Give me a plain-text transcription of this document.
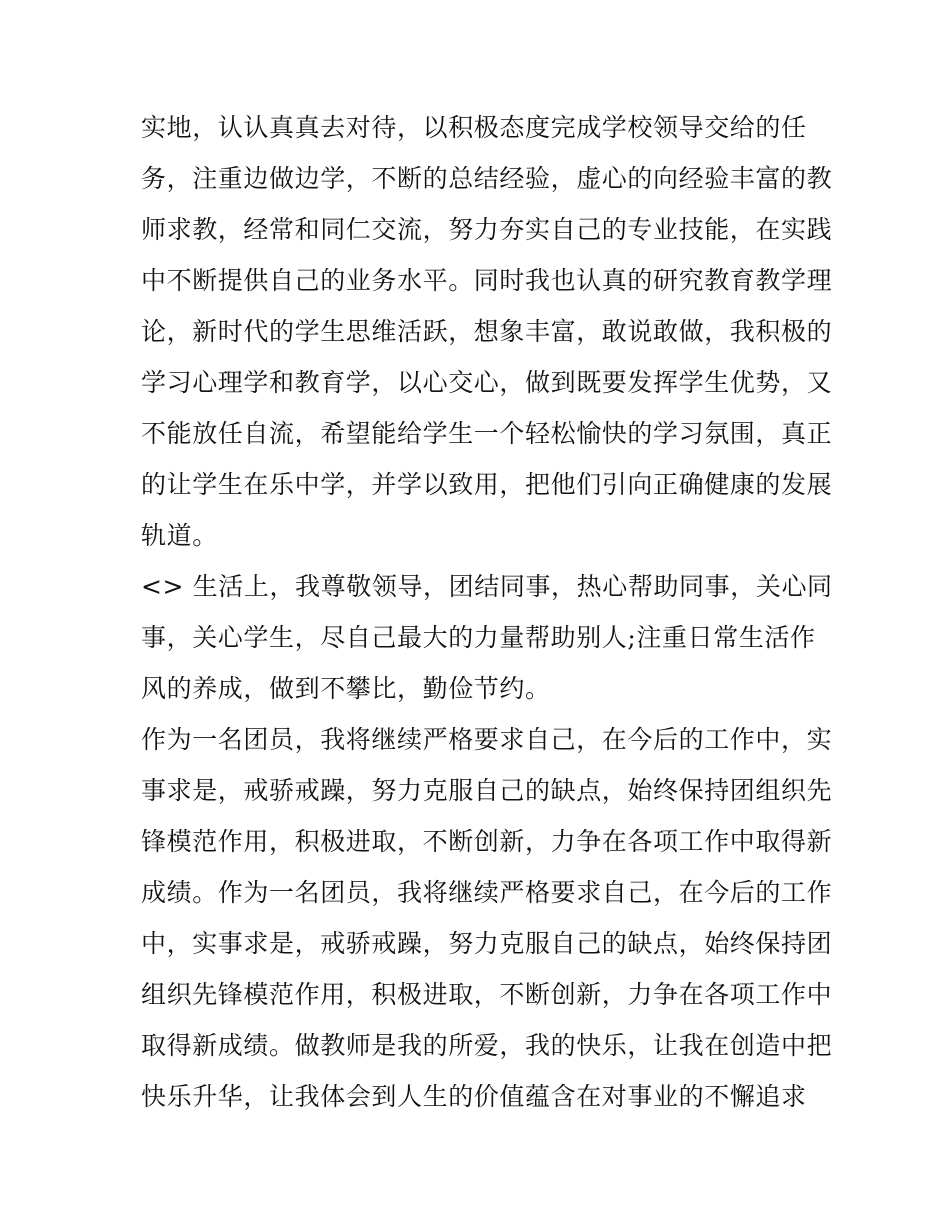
实地，认认真真去对待，以积极态度完成学校领导交给的任
务，注重边做边学，不断的总结经验，虚心的向经验丰富的教
师求教，经常和同仁交流，努力夯实自己的专业技能，在实践
中不断提供自己的业务水平。同时我也认真的研究教育教学理
论，新时代的学生思维活跃，想象丰富，敢说敢做，我积极的
学习心理学和教育学，以心交心，做到既要发挥学生优势，又
不能放任自流，希望能给学生一个轻松愉快的学习氛围，真正
的让学生在乐中学，并学以致用，把他们引向正确健康的发展
轨道。
<> 生活上，我尊敬领导，团结同事，热心帮助同事，关心同
事，关心学生，尽自己最大的力量帮助别人;注重日常生活作
风的养成，做到不攀比，勤俭节约。
作为一名团员，我将继续严格要求自己，在今后的工作中，实
事求是，戒骄戒躁，努力克服自己的缺点，始终保持团组织先
锋模范作用，积极进取，不断创新，力争在各项工作中取得新
成绩。作为一名团员，我将继续严格要求自己，在今后的工作
中，实事求是，戒骄戒躁，努力克服自己的缺点，始终保持团
组织先锋模范作用，积极进取，不断创新，力争在各项工作中
取得新成绩。做教师是我的所爱，我的快乐，让我在创造中把
快乐升华，让我体会到人生的价值蕴含在对事业的不懈追求
